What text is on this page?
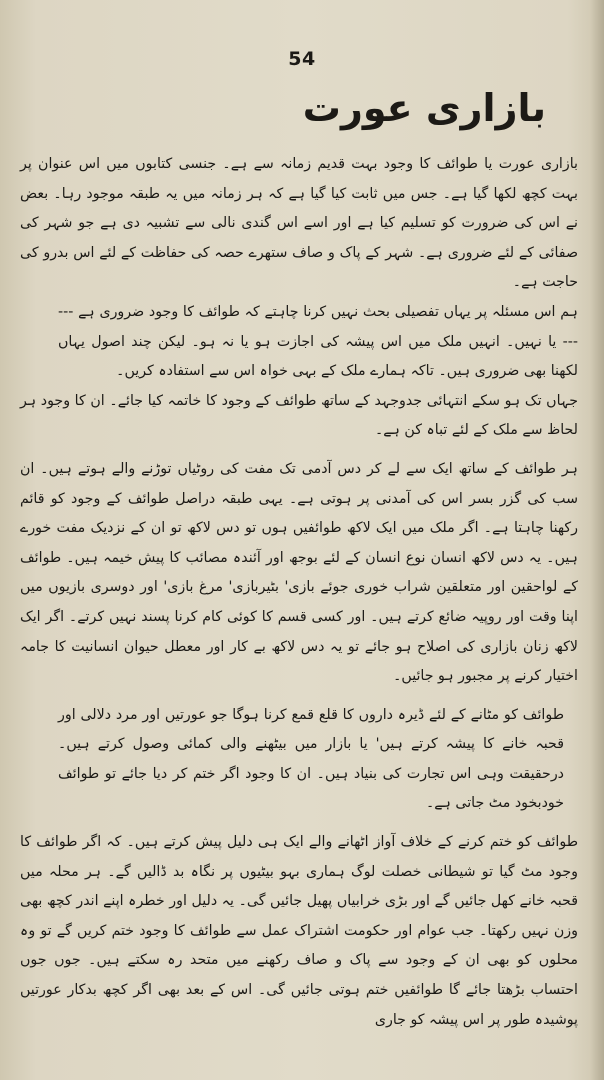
54
بازاری عورت

بازاری عورت یا طوائف کا وجود بہت قدیم زمانہ سے ہے۔ جنسی کتابوں میں اس عنوان پر بہت کچھ لکھا گیا ہے۔ جس میں ثابت کیا گیا ہے کہ ہر زمانہ میں یہ طبقہ موجود رہا۔ بعض نے اس کی ضرورت کو تسلیم کیا ہے اور اسے اس گندی نالی سے تشبیہ دی ہے جو شہر کی صفائی کے لئے ضروری ہے۔ شہر کے پاک و صاف ستھرے حصہ کی حفاظت کے لئے اس بدرو کی حاجت ہے۔

ہم اس مسئلہ پر یہاں تفصیلی بحث نہیں کرنا چاہتے کہ طوائف کا وجود ضروری ہے ------ یا نہیں۔ انہیں ملک میں اس پیشہ کی اجازت ہو یا نہ ہو۔ لیکن چند اصول یہاں لکھنا بھی ضروری ہیں۔ تاکہ ہمارے ملک کے بہی خواہ اس سے استفادہ کریں۔

جہاں تک ہو سکے انتہائی جدوجہد کے ساتھ طوائف کے وجود کا خاتمہ کیا جائے۔ ان کا وجود ہر لحاظ سے ملک کے لئے تباہ کن ہے۔

ہر طوائف کے ساتھ ایک سے لے کر دس آدمی تک مفت کی روٹیاں توڑنے والے ہوتے ہیں۔ ان سب کی گزر بسر اس کی آمدنی پر ہوتی ہے۔ یہی طبقہ دراصل طوائف کے وجود کو قائم رکھنا چاہتا ہے۔ اگر ملک میں ایک لاکھ طوائفیں ہوں تو دس لاکھ تو ان کے نزدیک مفت خورے ہیں۔ یہ دس لاکھ انسان نوع انسان کے لئے بوجھ اور آئندہ مصائب کا پیش خیمہ ہیں۔ طوائف کے لواحقین اور متعلقین شراب خوری جوئے بازی' بٹیربازی' مرغ بازی' اور دوسری بازیوں میں اپنا وقت اور روپیہ ضائع کرتے ہیں۔ اور کسی قسم کا کوئی کام کرنا پسند نہیں کرتے۔ اگر ایک لاکھ زنان بازاری کی اصلاح ہو جائے تو یہ دس لاکھ بے کار اور معطل حیوان انسانیت کا جامہ اختیار کرنے پر مجبور ہو جائیں۔

طوائف کو مٹانے کے لئے ڈیرہ داروں کا قلع قمع کرنا ہوگا جو عورتیں اور مرد دلالی اور قحبہ خانے کا پیشہ کرتے ہیں' یا بازار میں بیٹھنے والی کمائی وصول کرتے ہیں۔ درحقیقت وہی اس تجارت کی بنیاد ہیں۔ ان کا وجود اگر ختم کر دیا جائے تو طوائف خودبخود مٹ جاتی ہے۔

طوائف کو ختم کرنے کے خلاف آواز اٹھانے والے ایک ہی دلیل پیش کرتے ہیں۔ کہ اگر طوائف کا وجود مٹ گیا تو شیطانی خصلت لوگ ہماری بہو بیٹیوں پر نگاہ بد ڈالیں گے۔ ہر محلہ میں قحبہ خانے کھل جائیں گے اور بڑی خرابیاں پھیل جائیں گی۔ یہ دلیل اور خطرہ اپنے اندر کچھ بھی وزن نہیں رکھتا۔ جب عوام اور حکومت اشتراک عمل سے طوائف کا وجود ختم کریں گے تو وہ محلوں کو بھی ان کے وجود سے پاک و صاف رکھنے میں متحد رہ سکتے ہیں۔ جوں جوں احتساب بڑھتا جائے گا طوائفیں ختم ہوتی جائیں گی۔ اس کے بعد بھی اگر کچھ بدکار عورتیں پوشیدہ طور پر اس پیشہ کو جاری
